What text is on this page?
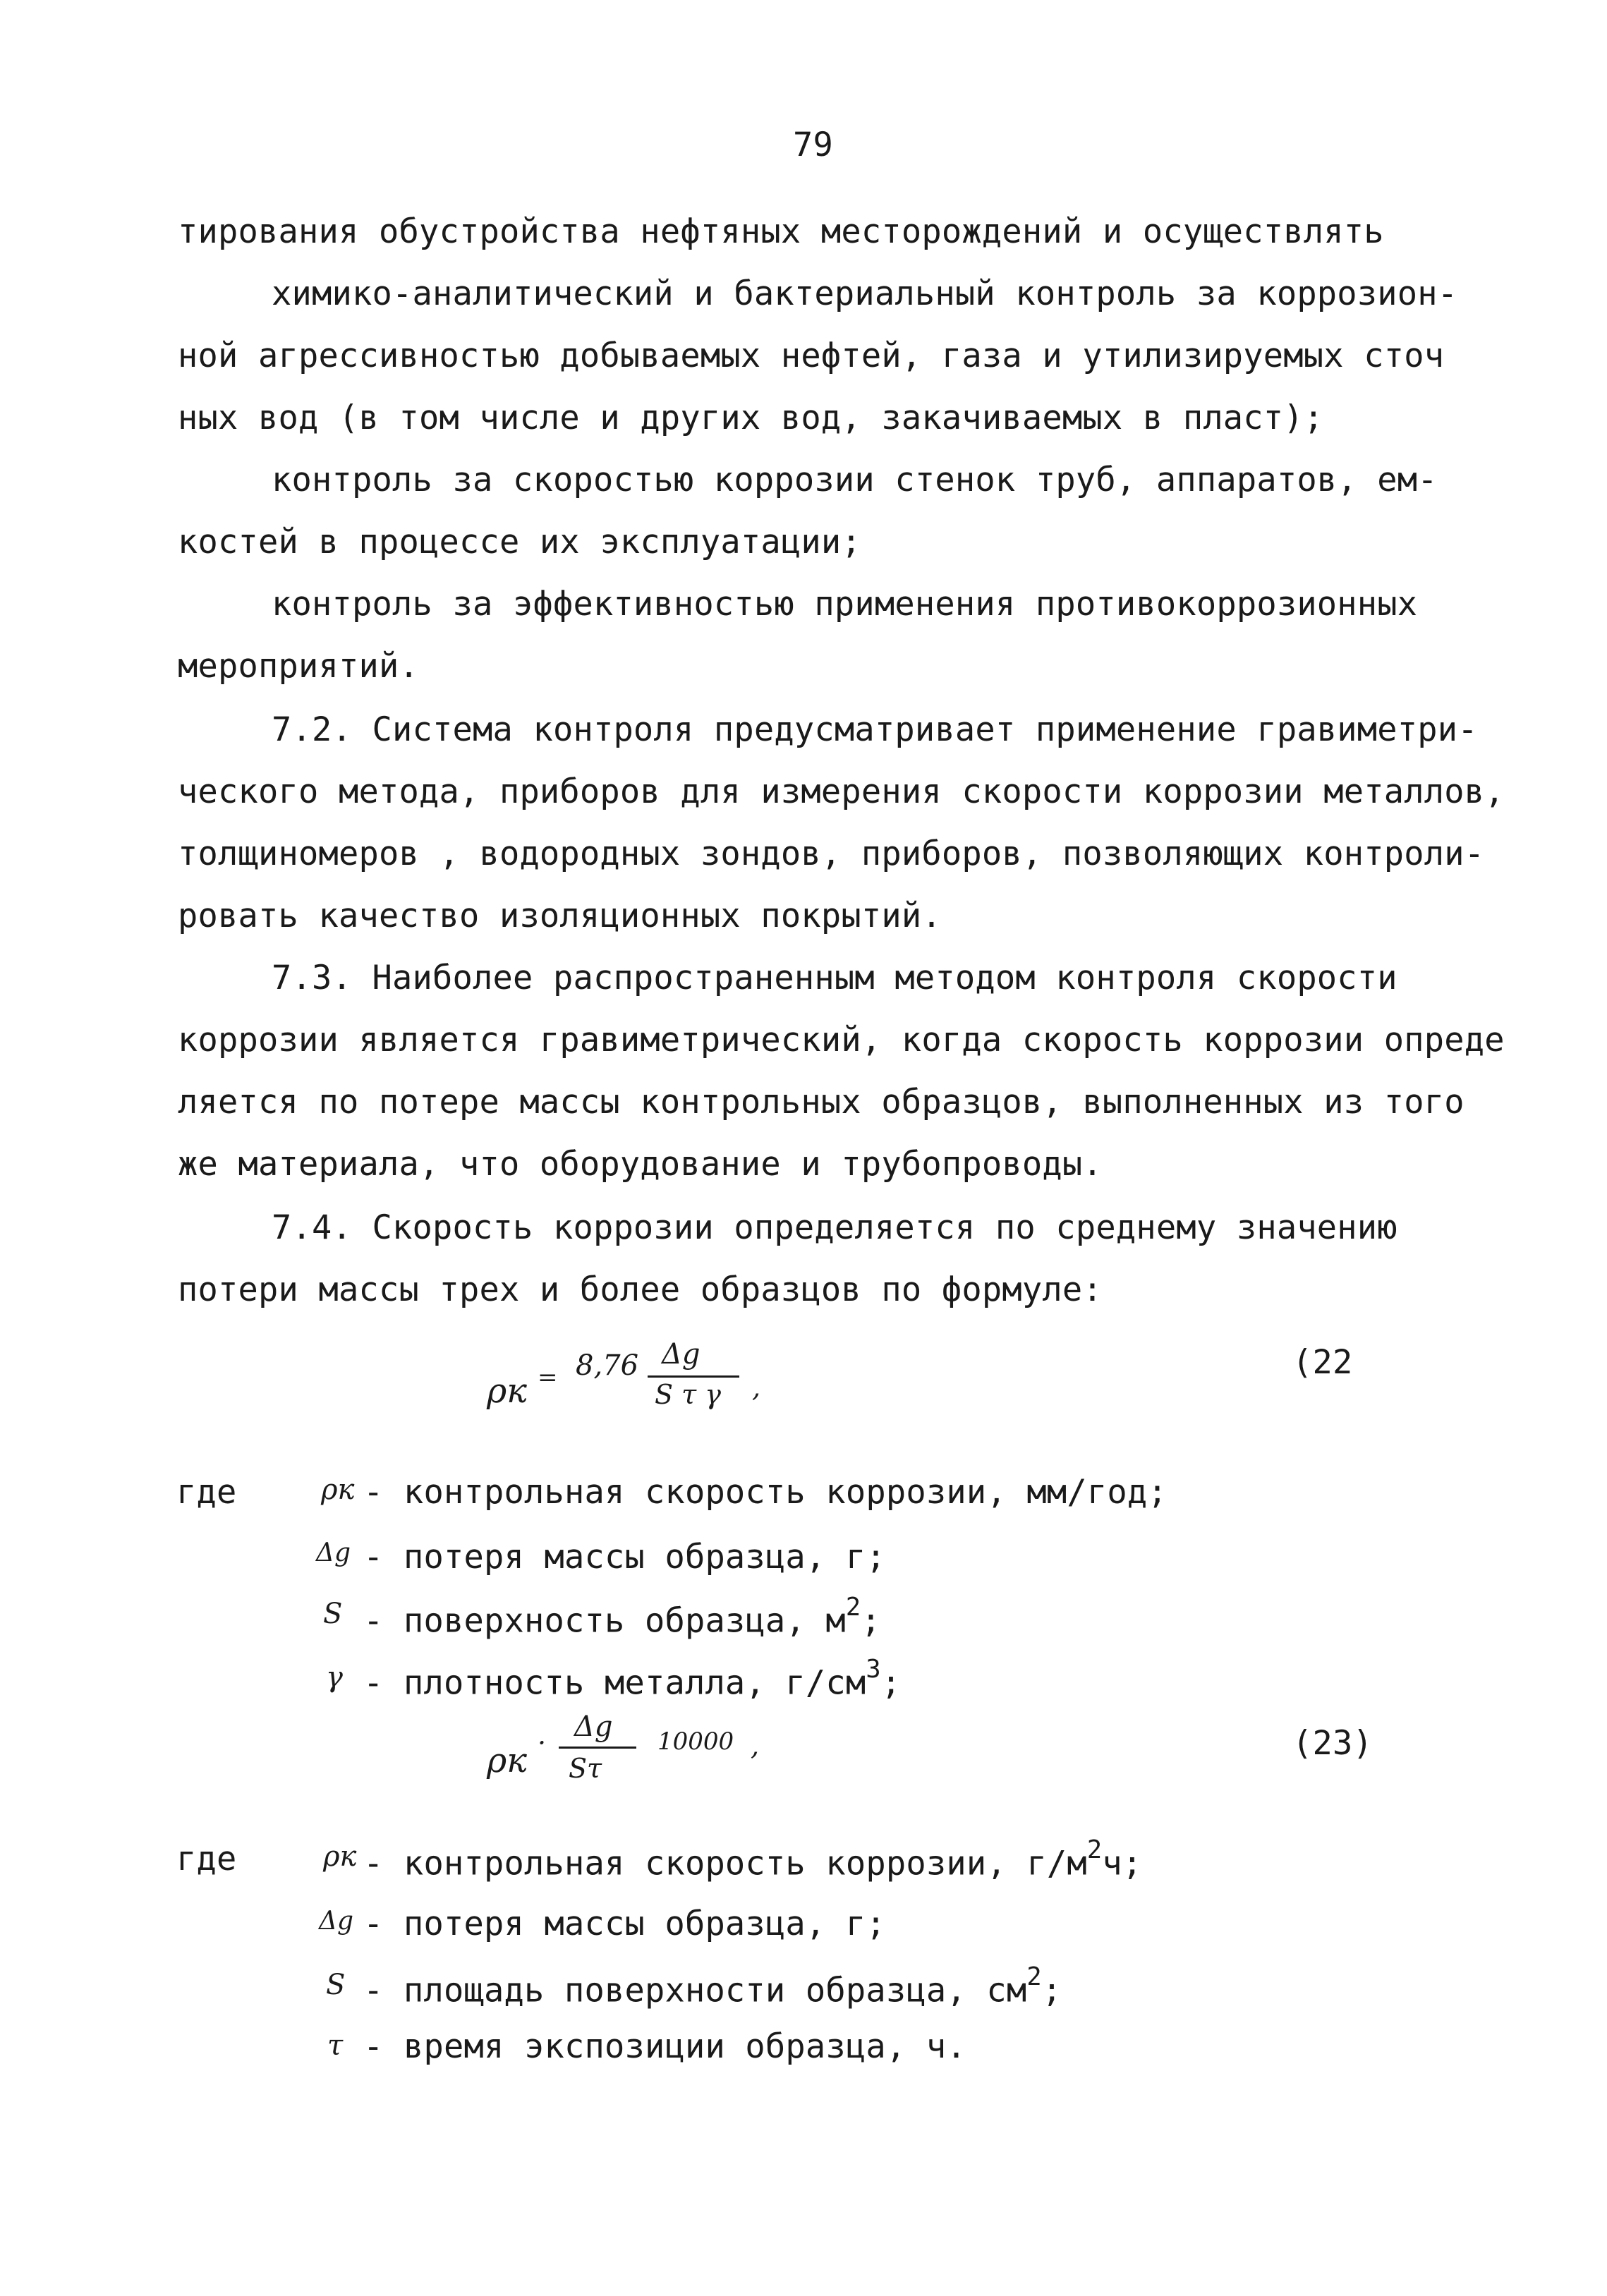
79
тирования обустройства нефтяных месторождений и осуществлять
химико-аналитический и бактериальный контроль за коррозион-
ной агрессивностью добываемых нефтей, газа и утилизируемых сточ
ных вод (в том числе и других вод, закачиваемых в пласт);
контроль за скоростью коррозии стенок труб, аппаратов, ем-
костей в процессе их эксплуатации;
контроль за эффективностью применения противокоррозионных
мероприятий.
7.2. Система контроля предусматривает применение гравиметри-
ческого метода, приборов для измерения скорости коррозии металлов,
толщиномеров , водородных зондов, приборов, позволяющих контроли-
ровать качество изоляционных покрытий.
7.3. Наиболее распространенным методом контроля скорости
коррозии является гравиметрический, когда скорость коррозии опреде
ляется по потере массы контрольных образцов, выполненных из того
же материала, что оборудование и трубопроводы.
7.4. Скорость коррозии определяется по среднему значению
потери массы трех и более образцов по формуле:
ρк = 8,76 Δg
S τ γ ,
(22
где	ρк - контрольная скорость коррозии, мм/год;
Δg - потеря массы образца, г;
S - поверхность образца, $м^2$;
γ - плотность металла, $г/см^3$;
ρк · Δg
Sτ
10000 ,	(23)
где	ρк - контрольная скорость коррозии, $г/м^2ч$;
Δg - потеря массы образца, г;
S - площадь поверхности образца, $см^2$;
τ - время экспозиции образца, ч.
